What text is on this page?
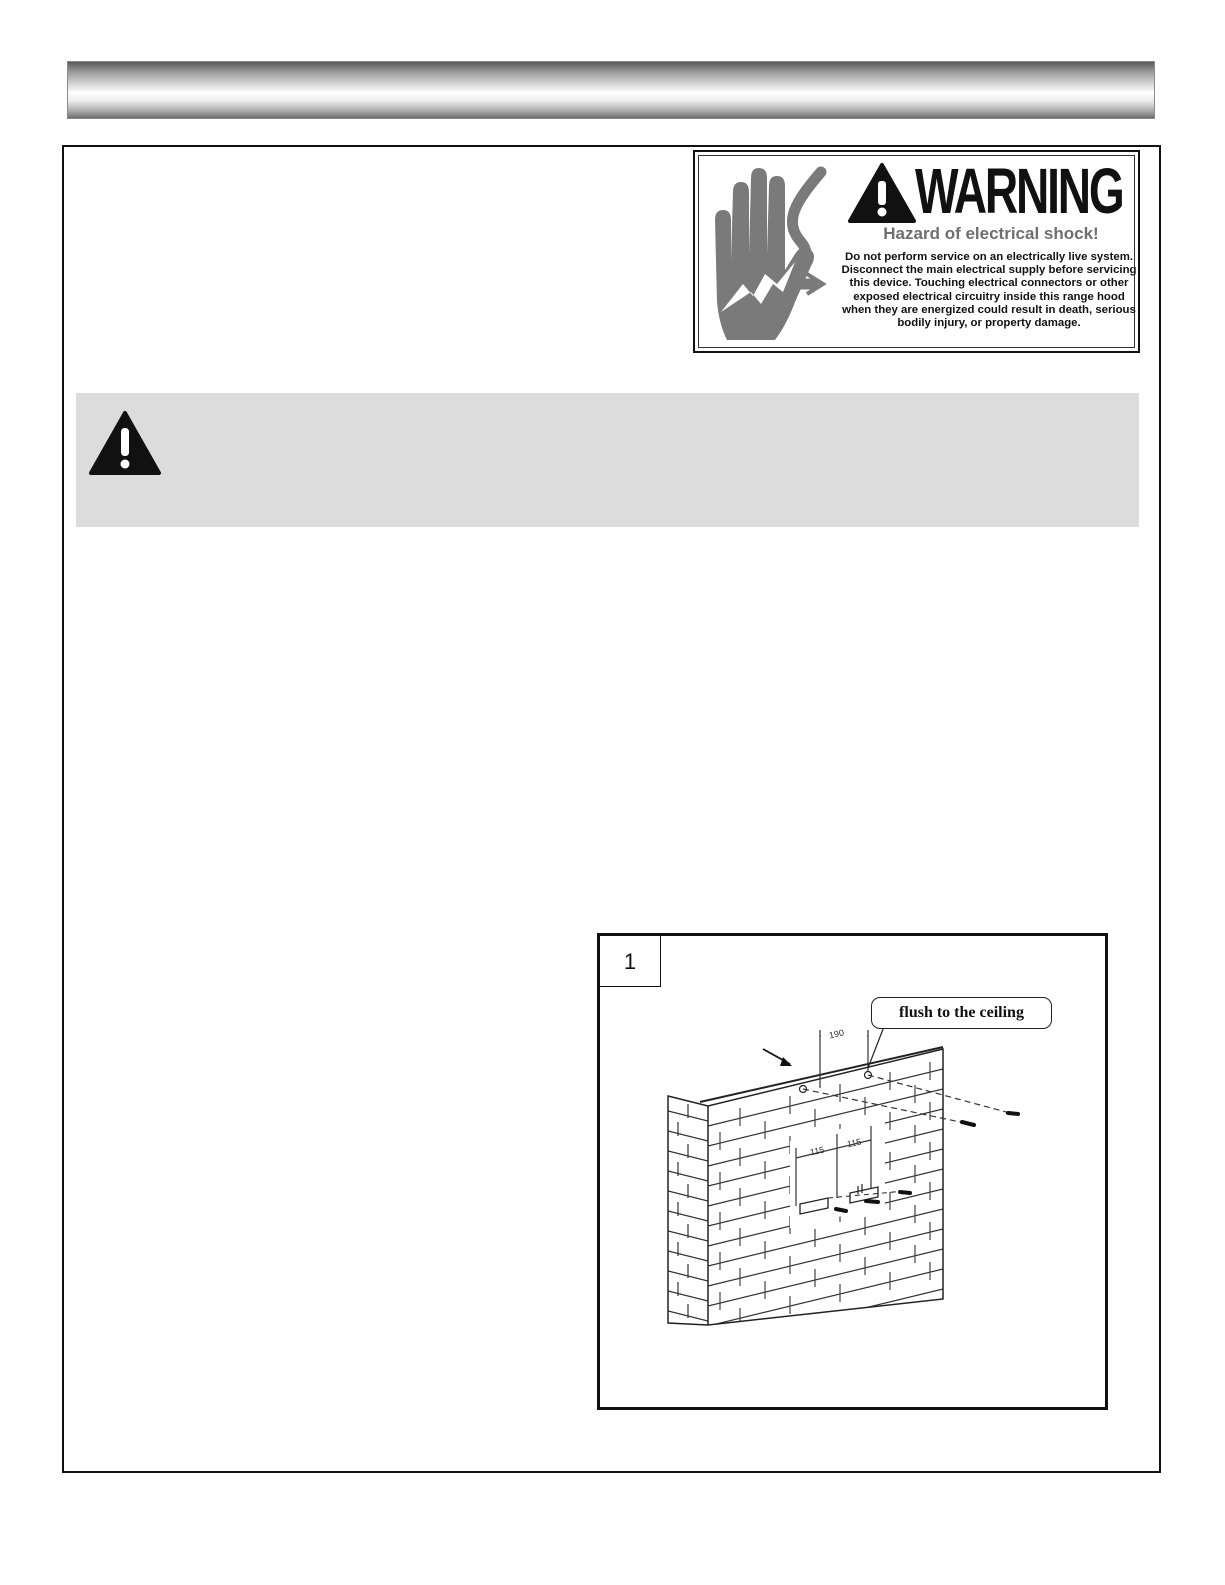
WARNING
Hazard of electrical shock!
Do not perform service on an electrically live system. Disconnect the main electrical supply before servicing this device. Touching electrical connectors or other exposed electrical circuitry inside this range hood when they are energized could result in death, serious bodily injury, or property damage.
1
flush to the ceiling
190
115
115
